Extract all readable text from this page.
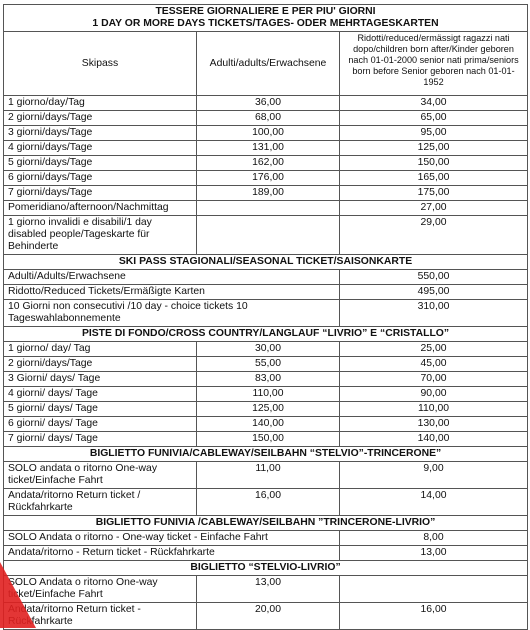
TESSERE GIORNALIERE E PER PIU' GIORNI
1 DAY OR MORE DAYS TICKETS/TAGES- ODER MEHRTAGESKARTEN		

Skipass	Adulti/adults/Erwachsene	Ridotti/reduced/ermässigt ragazzi nati dopo/children born after/Kinder geboren nach 01-01-2000 senior nati prima/seniors born before Senior geboren nach 01-01-1952
1 giorno/day/Tag	36,00	34,00
2 giorni/days/Tage	68,00	65,00
3 giorni/days/Tage	100,00	95,00
4 giorni/days/Tage	131,00	125,00
5 giorni/days/Tage	162,00	150,00
6 giorni/days/Tage	176,00	165,00
7 giorni/days/Tage	189,00	175,00
Pomeridiano/afternoon/Nachmittag		27,00
1 giorno invalidi e disabili/1 day disabled people/Tageskarte für Behinderte		29,00
SKI PASS STAGIONALI/SEASONAL TICKET/SAISONKARTE		
Adulti/Adults/Erwachsene		550,00
Ridotto/Reduced Tickets/Ermäßigte Karten		495,00
10 Giorni non consecutivi /10 day - choice tickets 10 Tageswahlabonnemente		310,00
PISTE DI FONDO/CROSS COUNTRY/LANGLAUF “LIVRIO” E “CRISTALLO”		
1 giorno/ day/ Tag	30,00	25,00
2 giorni/days/Tage	55,00	45,00
3 Giorni/ days/ Tage	83,00	70,00
4 giorni/ days/ Tage	110,00	90,00
5 giorni/ days/ Tage	125,00	110,00
6 giorni/ days/ Tage	140,00	130,00
7 giorni/ days/ Tage	150,00	140,00
BIGLIETTO FUNIVIA/CABLEWAY/SEILBAHN “STELVIO”-TRINCERONE”		
SOLO andata o ritorno One-way ticket/Einfache Fahrt	11,00	9,00
Andata/ritorno Return ticket / Rückfahrkarte	16,00	14,00
BIGLIETTO FUNIVIA /CABLEWAY/SEILBAHN ”TRINCERONE-LIVRIO”		
SOLO Andata o ritorno - One-way ticket - Einfache Fahrt		8,00
Andata/ritorno - Return ticket - Rückfahrkarte		13,00
BIGLIETTO “STELVIO-LIVRIO”		
SOLO Andata o ritorno One-way ticket/Einfache Fahrt	13,00	
Andata/ritorno Return ticket - Rückfahrkarte	20,00	16,00
